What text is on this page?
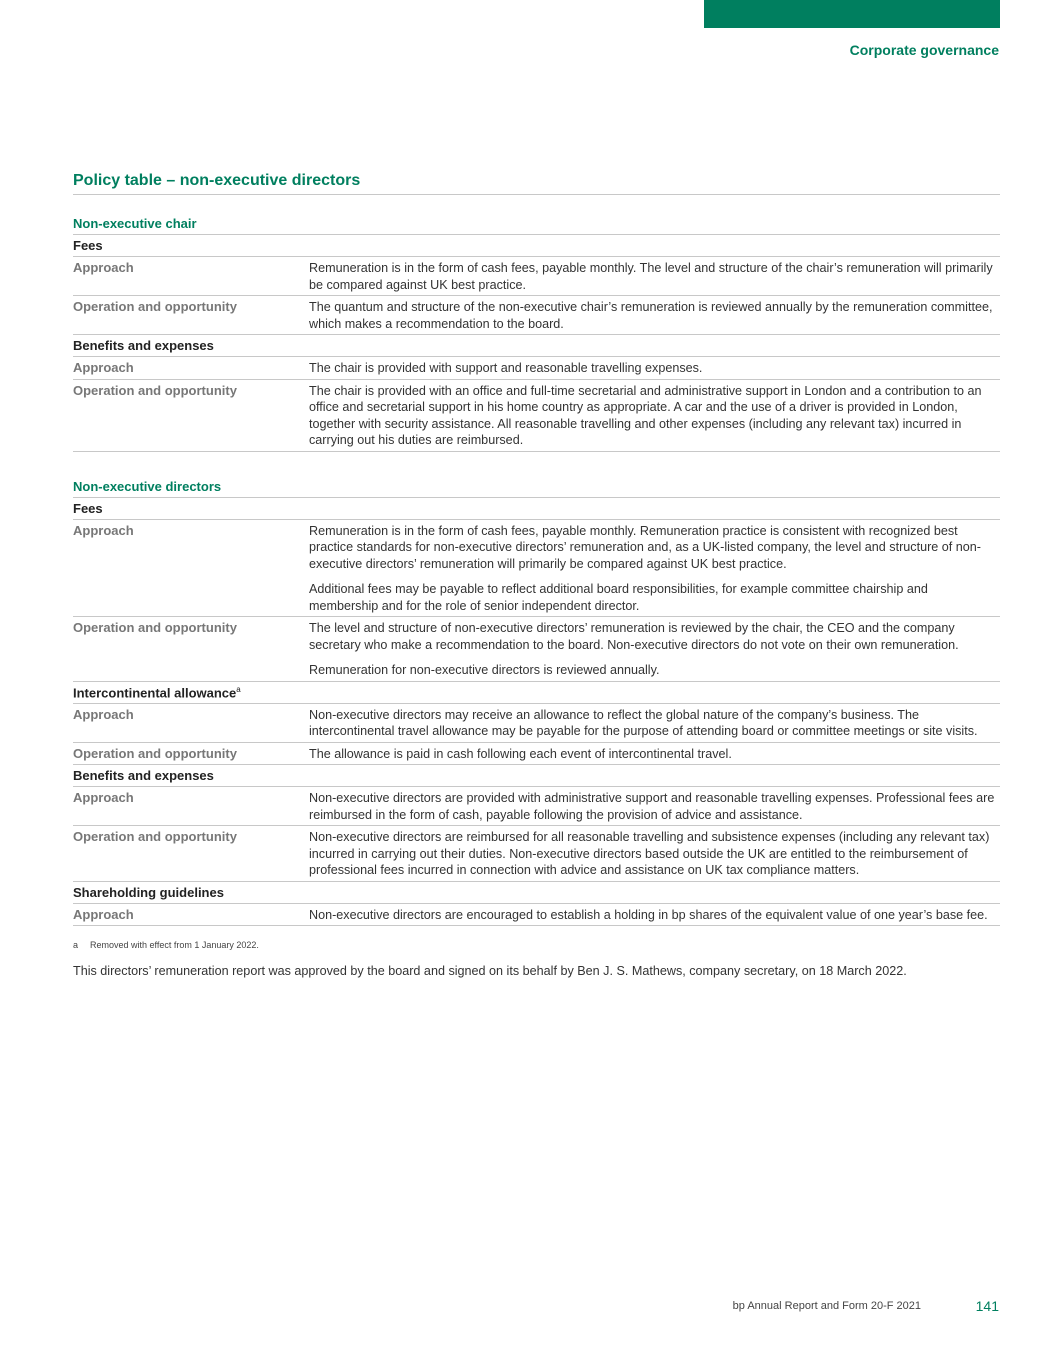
Corporate governance
Policy table – non-executive directors
Non-executive chair
Fees
Approach	Remuneration is in the form of cash fees, payable monthly. The level and structure of the chair’s remuneration will primarily be compared against UK best practice.

Operation and opportunity	The quantum and structure of the non-executive chair’s remuneration is reviewed annually by the remuneration committee, which makes a recommendation to the board.

Benefits and expenses
Approach	The chair is provided with support and reasonable travelling expenses.

Operation and opportunity	The chair is provided with an office and full-time secretarial and administrative support in London and a contribution to an office and secretarial support in his home country as appropriate. A car and the use of a driver is provided in London, together with security assistance. All reasonable travelling and other expenses (including any relevant tax) incurred in carrying out his duties are reimbursed.

Non-executive directors
Fees
Approach	Remuneration is in the form of cash fees, payable monthly. Remuneration practice is consistent with recognized best practice standards for non-executive directors’ remuneration and, as a UK-listed company, the level and structure of non-executive directors’ remuneration will primarily be compared against UK best practice.

Additional fees may be payable to reflect additional board responsibilities, for example committee chairship and membership and for the role of senior independent director.

Operation and opportunity	The level and structure of non-executive directors’ remuneration is reviewed by the chair, the CEO and the company secretary who make a recommendation to the board. Non-executive directors do not vote on their own remuneration.

Remuneration for non-executive directors is reviewed annually.

Intercontinental allowance$^a$
Approach	Non-executive directors may receive an allowance to reflect the global nature of the company’s business. The intercontinental travel allowance may be payable for the purpose of attending board or committee meetings or site visits.

Operation and opportunity	The allowance is paid in cash following each event of intercontinental travel.

Benefits and expenses
Approach	Non-executive directors are provided with administrative support and reasonable travelling expenses. Professional fees are reimbursed in the form of cash, payable following the provision of advice and assistance.

Operation and opportunity	Non-executive directors are reimbursed for all reasonable travelling and subsistence expenses (including any relevant tax) incurred in carrying out their duties. Non-executive directors based outside the UK are entitled to the reimbursement of professional fees incurred in connection with advice and assistance on UK tax compliance matters.

Shareholding guidelines
Approach	Non-executive directors are encouraged to establish a holding in bp shares of the equivalent value of one year’s base fee.

a Removed with effect from 1 January 2022.
This directors’ remuneration report was approved by the board and signed on its behalf by Ben J. S. Mathews, company secretary, on 18 March 2022.
bp Annual Report and Form 20-F 2021	141
